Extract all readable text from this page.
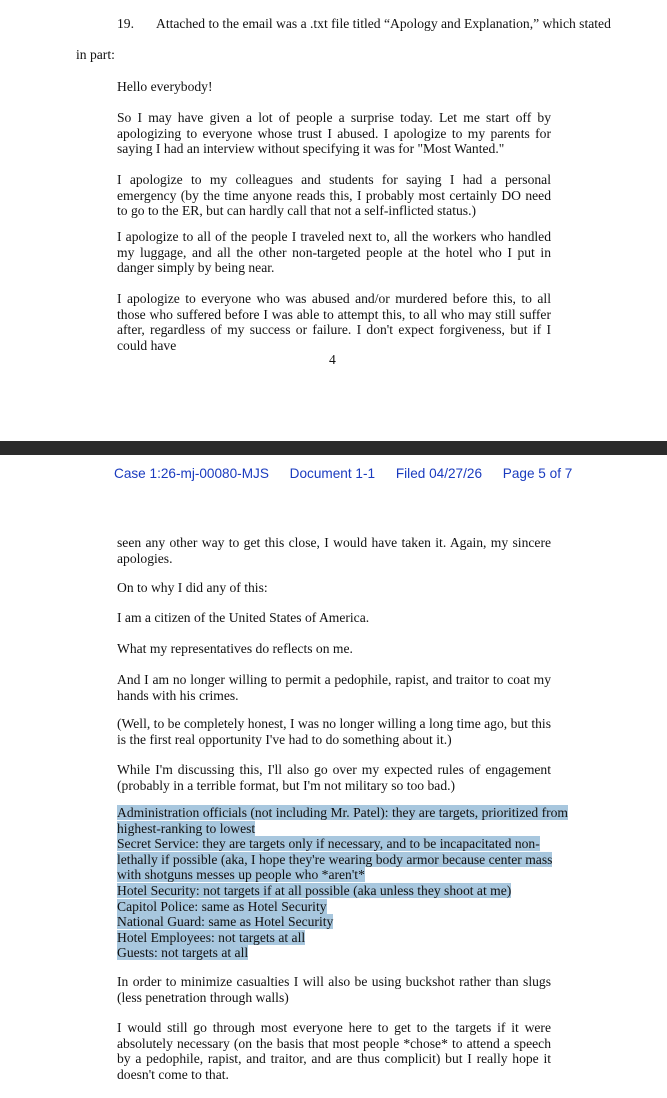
19. Attached to the email was a .txt file titled “Apology and Explanation,” which stated
in part:

Hello everybody!

So I may have given a lot of people a surprise today. Let me start off by apologizing to everyone whose trust I abused. I apologize to my parents for saying I had an interview without specifying it was for "Most Wanted."

I apologize to my colleagues and students for saying I had a personal emergency (by the time anyone reads this, I probably most certainly DO need to go to the ER, but can hardly call that not a self-inflicted status.)

I apologize to all of the people I traveled next to, all the workers who handled my luggage, and all the other non-targeted people at the hotel who I put in danger simply by being near.

I apologize to everyone who was abused and/or murdered before this, to all those who suffered before I was able to attempt this, to all who may still suffer after, regardless of my success or failure. I don't expect forgiveness, but if I could have

4
Case 1:26-mj-00080-MJS Document 1-1 Filed 04/27/26 Page 5 of 7

seen any other way to get this close, I would have taken it. Again, my sincere apologies.

On to why I did any of this:

I am a citizen of the United States of America.

What my representatives do reflects on me.

And I am no longer willing to permit a pedophile, rapist, and traitor to coat my hands with his crimes.

(Well, to be completely honest, I was no longer willing a long time ago, but this is the first real opportunity I've had to do something about it.)

While I'm discussing this, I'll also go over my expected rules of engagement (probably in a terrible format, but I'm not military so too bad.)

Administration officials (not including Mr. Patel): they are targets, prioritized from
highest-ranking to lowest
Secret Service: they are targets only if necessary, and to be incapacitated non-
lethally if possible (aka, I hope they're wearing body armor because center mass
with shotguns messes up people who *aren't*
Hotel Security: not targets if at all possible (aka unless they shoot at me)
Capitol Police: same as Hotel Security
National Guard: same as Hotel Security
Hotel Employees: not targets at all
Guests: not targets at all

In order to minimize casualties I will also be using buckshot rather than slugs (less penetration through walls)

I would still go through most everyone here to get to the targets if it were absolutely necessary (on the basis that most people *chose* to attend a speech by a pedophile, rapist, and traitor, and are thus complicit) but I really hope it doesn't come to that.
